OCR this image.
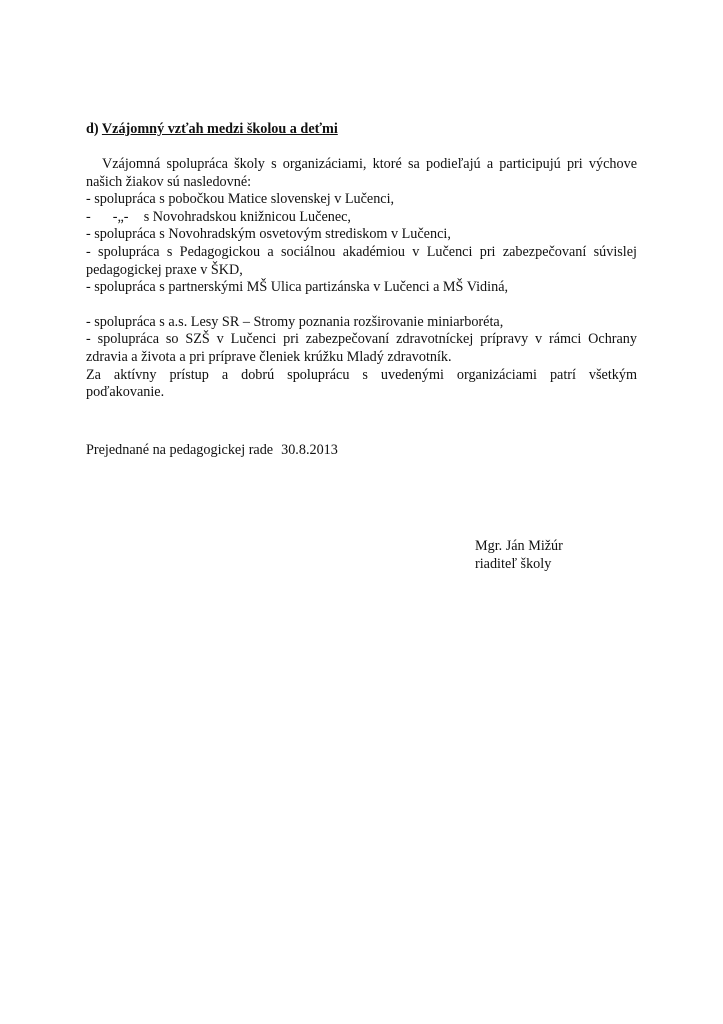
d) Vzájomný vzťah medzi školou a deťmi
Vzájomná spolupráca školy s organizáciami, ktoré sa podieľajú a participujú pri výchove
našich žiakov sú nasledovné:
- spolupráca s pobočkou Matice slovenskej v Lučenci,
- -„- s Novohradskou knižnicou Lučenec,
- spolupráca s Novohradským osvetovým strediskom v Lučenci,
- spolupráca s Pedagogickou a sociálnou akadémiou v Lučenci pri zabezpečovaní súvislej
pedagogickej praxe v ŠKD,
- spolupráca s partnerskými MŠ Ulica partizánska v Lučenci a MŠ Vidiná,
- spolupráca s a.s. Lesy SR – Stromy poznania rozširovanie miniarboréta,
- spolupráca so SZŠ v Lučenci pri zabezpečovaní zdravotníckej prípravy v rámci Ochrany
zdravia a života a pri príprave členiek krúžku Mladý zdravotník.
Za aktívny prístup a dobrú spoluprácu s uvedenými organizáciami patrí všetkým
poďakovanie.
Prejednané na pedagogickej rade 30.8.2013
Mgr. Ján Mižúr
riaditeľ školy
